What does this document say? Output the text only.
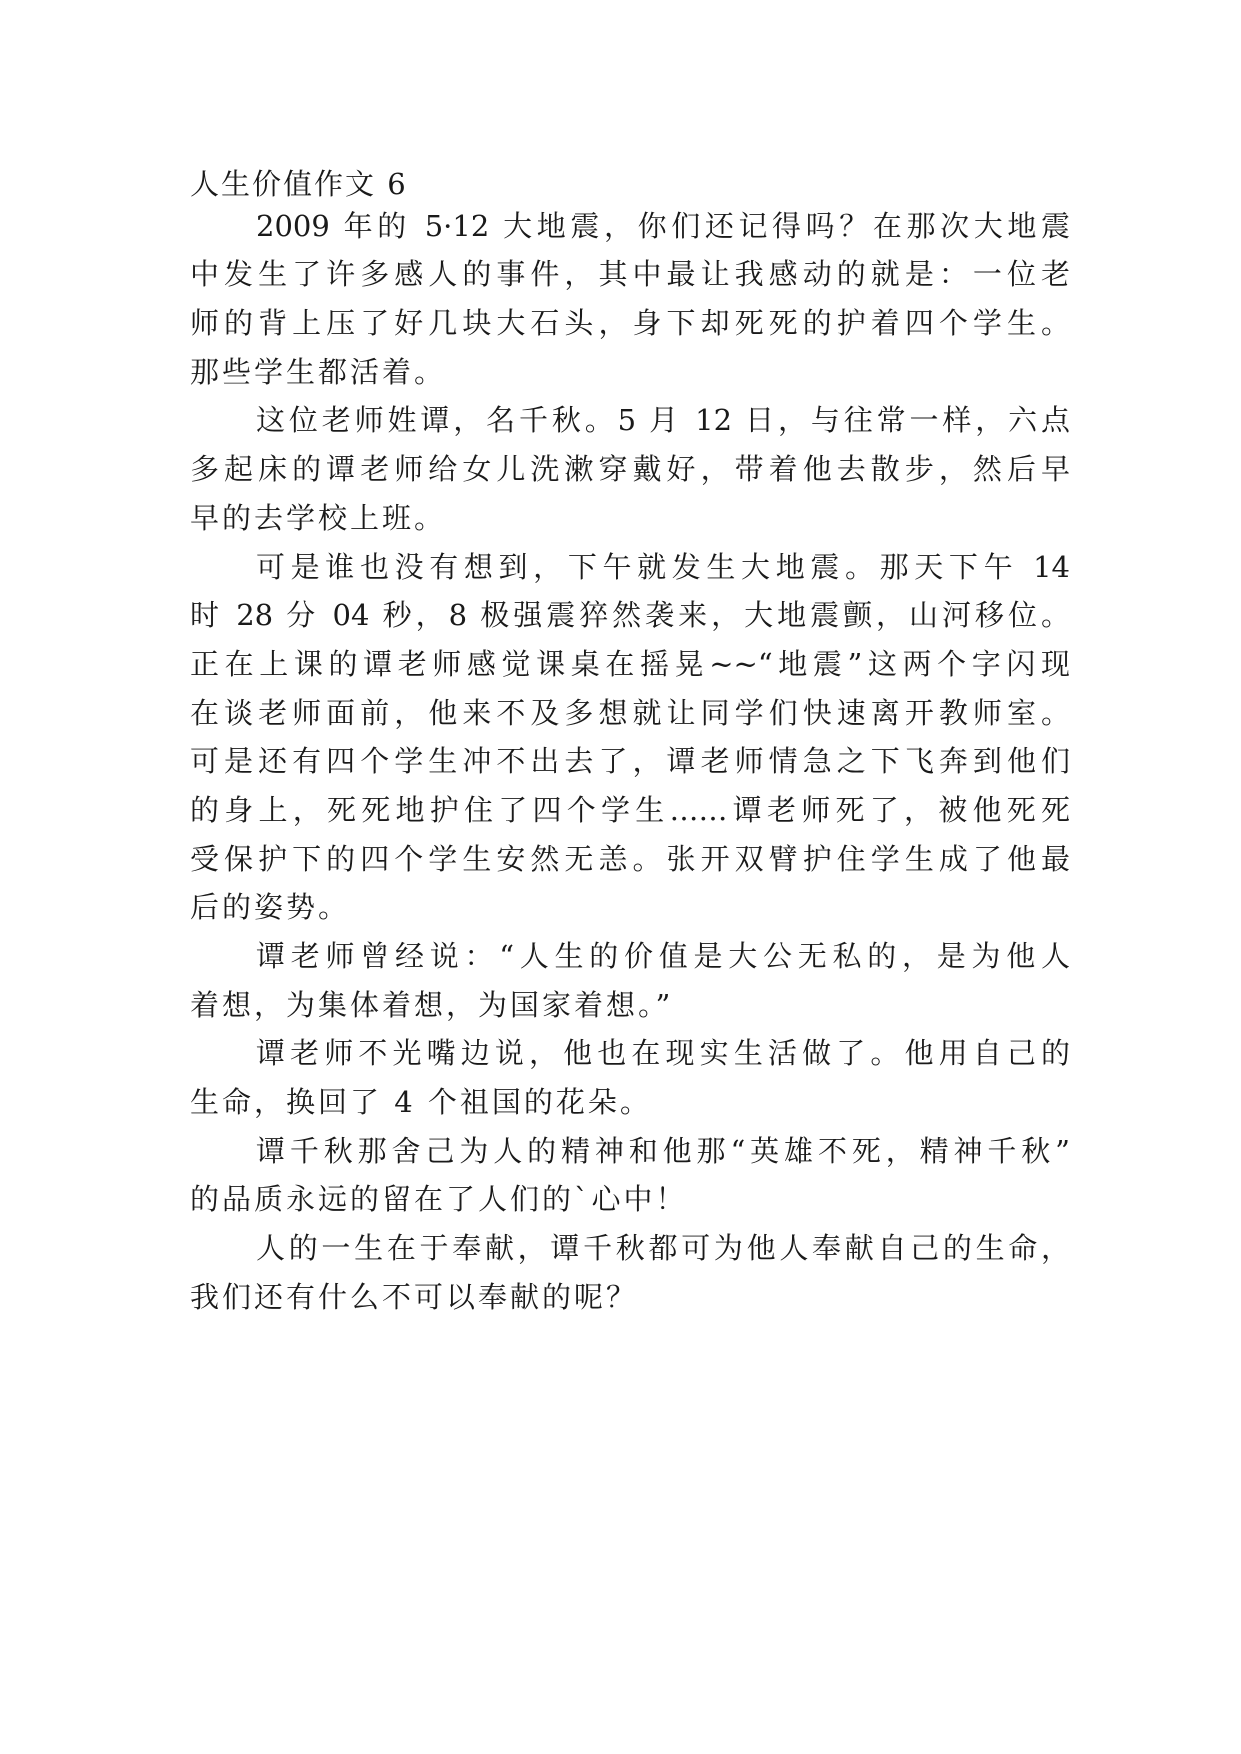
人生价值作文 6

2009 年的 5·12 大地震，你们还记得吗？在那次大地震

中发生了许多感人的事件，其中最让我感动的就是：一位老

师的背上压了好几块大石头，身下却死死的护着四个学生。

那些学生都活着。

这位老师姓谭，名千秋。5 月 12 日，与往常一样，六点

多起床的谭老师给女儿洗漱穿戴好，带着他去散步，然后早

早的去学校上班。

可是谁也没有想到，下午就发生大地震。那天下午 14

时 28 分 04 秒，8 极强震猝然袭来，大地震颤，山河移位。

正在上课的谭老师感觉课桌在摇晃~~“地震”这两个字闪现

在谈老师面前，他来不及多想就让同学们快速离开教师室。

可是还有四个学生冲不出去了，谭老师情急之下飞奔到他们

的身上，死死地护住了四个学生……谭老师死了，被他死死

受保护下的四个学生安然无恙。张开双臂护住学生成了他最

后的姿势。

谭老师曾经说：“人生的价值是大公无私的，是为他人

着想，为集体着想，为国家着想。”

谭老师不光嘴边说，他也在现实生活做了。他用自己的

生命，换回了 4 个祖国的花朵。

谭千秋那舍己为人的精神和他那“英雄不死，精神千秋”

的品质永远的留在了人们的`心中！

人的一生在于奉献，谭千秋都可为他人奉献自己的生命，

我们还有什么不可以奉献的呢？
